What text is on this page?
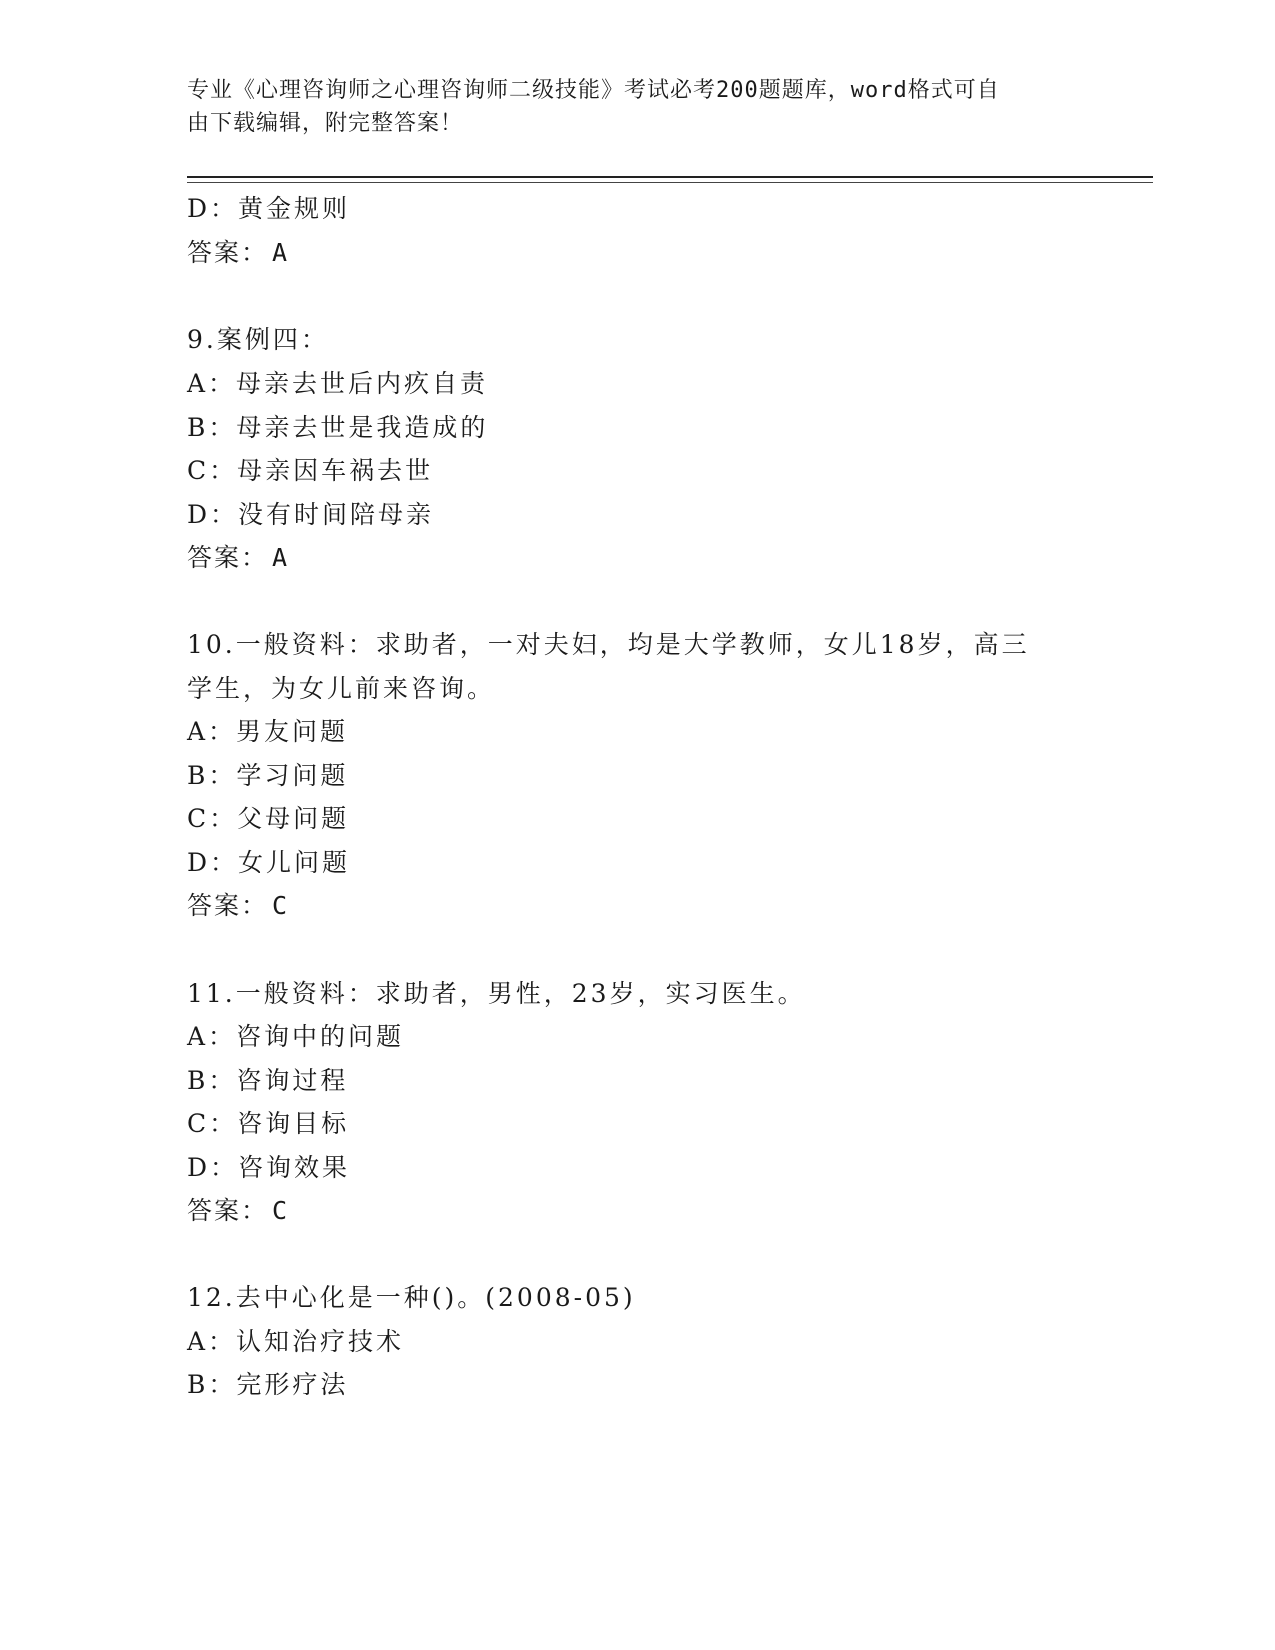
专业《心理咨询师之心理咨询师二级技能》考试必考200题题库，word格式可自
由下载编辑，附完整答案！
D：黄金规则
答案： A
9.案例四：
A：母亲去世后内疚自责
B：母亲去世是我造成的
C：母亲因车祸去世
D：没有时间陪母亲
答案： A
10.一般资料：求助者，一对夫妇，均是大学教师，女儿18岁，高三
学生，为女儿前来咨询。
A：男友问题
B：学习问题
C：父母问题
D：女儿问题
答案： C
11.一般资料：求助者，男性，23岁，实习医生。
A：咨询中的问题
B：咨询过程
C：咨询目标
D：咨询效果
答案： C
12.去中心化是一种()。(2008-05)
A：认知治疗技术
B：完形疗法
